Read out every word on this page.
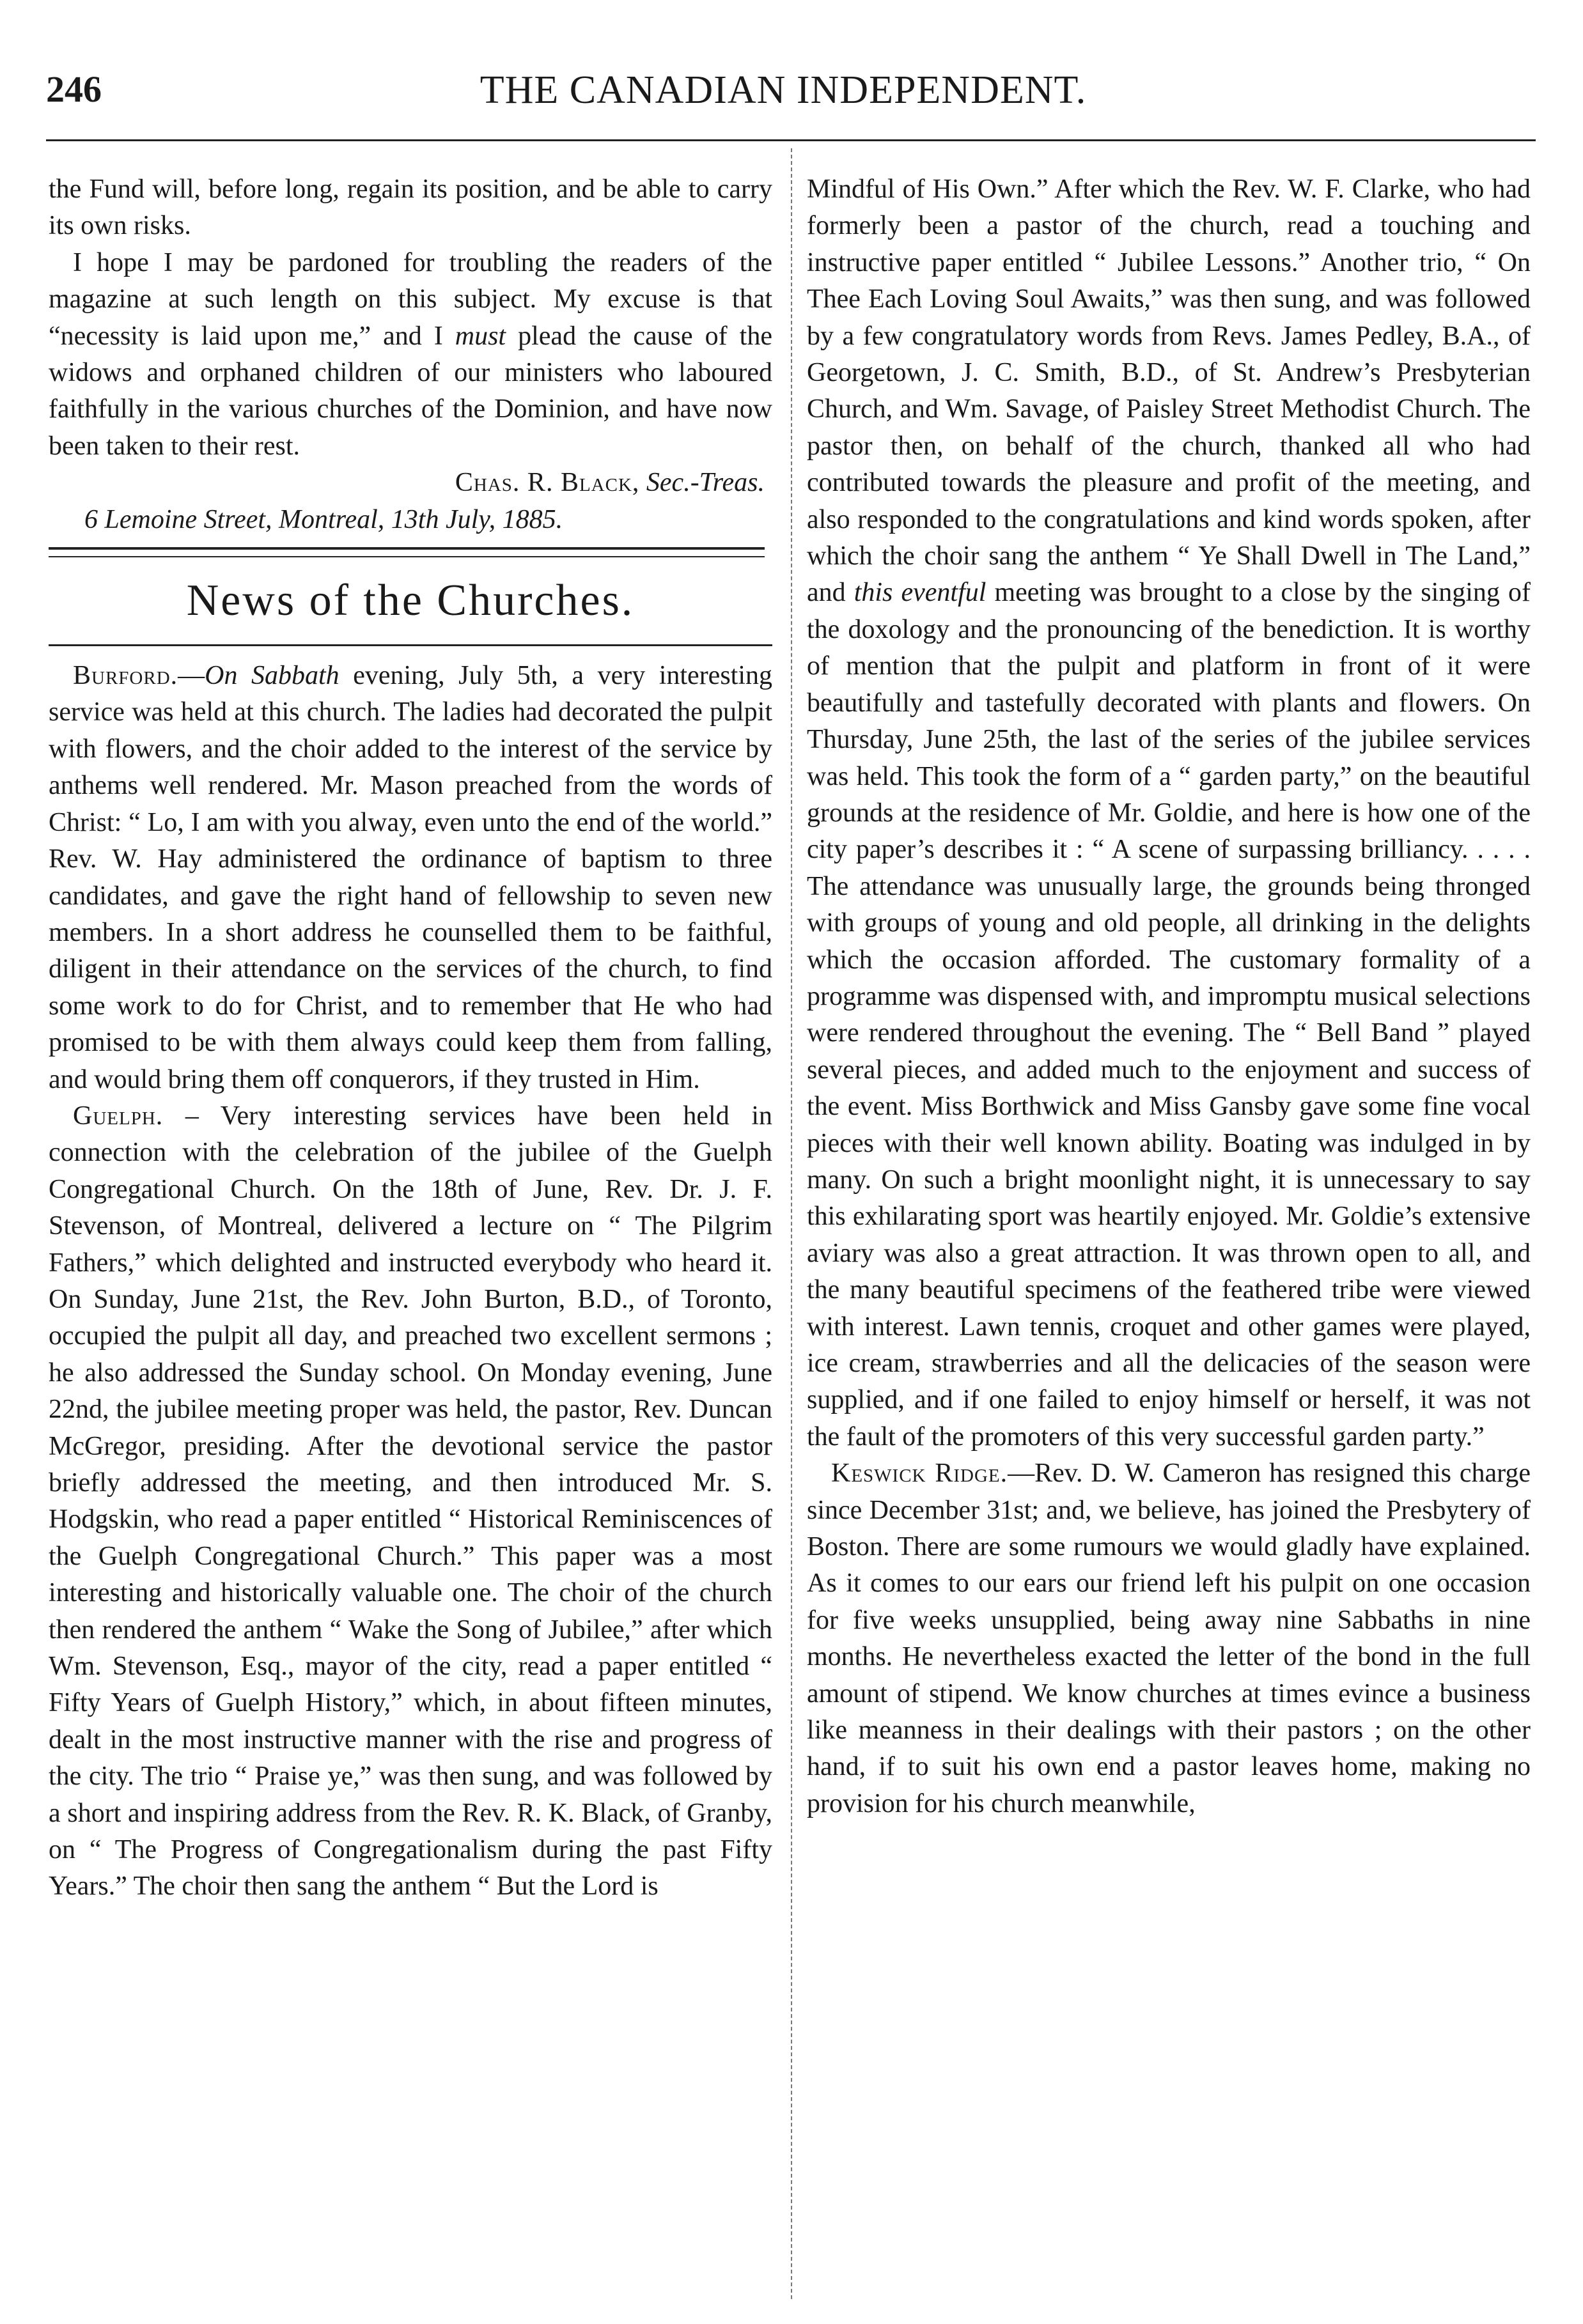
246	THE CANADIAN INDEPENDENT.

the Fund will, before long, regain its position, and be able to carry its own risks.

I hope I may be pardoned for troubling the readers of the magazine at such length on this subject. My excuse is that “necessity is laid upon me,” and I must plead the cause of the widows and orphaned children of our ministers who laboured faithfully in the various churches of the Dominion, and have now been taken to their rest.

Chas. R. Black, Sec.-Treas.
6 Lemoine Street, Montreal, 13th July, 1885.
News of the Churches.

Burford.—On Sabbath evening, July 5th, a very interesting service was held at this church. The ladies had decorated the pulpit with flowers, and the choir added to the interest of the service by anthems well rendered. Mr. Mason preached from the words of Christ: “ Lo, I am with you alway, even unto the end of the world.” Rev. W. Hay administered the ordinance of baptism to three candidates, and gave the right hand of fellowship to seven new members. In a short address he counselled them to be faithful, diligent in their attendance on the services of the church, to find some work to do for Christ, and to remember that He who had promised to be with them always could keep them from falling, and would bring them off conquerors, if they trusted in Him.

Guelph. – Very interesting services have been held in connection with the celebration of the jubilee of the Guelph Congregational Church. On the 18th of June, Rev. Dr. J. F. Stevenson, of Montreal, delivered a lecture on “ The Pilgrim Fathers,” which delighted and instructed everybody who heard it. On Sunday, June 21st, the Rev. John Burton, B.D., of Toronto, occupied the pulpit all day, and preached two excellent sermons ; he also addressed the Sunday school. On Monday evening, June 22nd, the jubilee meeting proper was held, the pastor, Rev. Duncan McGregor, presiding. After the devotional service the pastor briefly addressed the meeting, and then introduced Mr. S. Hodgskin, who read a paper entitled “ Historical Reminiscences of the Guelph Congregational Church.” This paper was a most interesting and historically valuable one. The choir of the church then rendered the anthem “ Wake the Song of Jubilee,” after which Wm. Stevenson, Esq., mayor of the city, read a paper entitled “ Fifty Years of Guelph History,” which, in about fifteen minutes, dealt in the most instructive manner with the rise and progress of the city. The trio “ Praise ye,” was then sung, and was followed by a short and inspiring address from the Rev. R. K. Black, of Granby, on “ The Progress of Congregationalism during the past Fifty Years.” The choir then sang the anthem “ But the Lord is

Mindful of His Own.” After which the Rev. W. F. Clarke, who had formerly been a pastor of the church, read a touching and instructive paper entitled “ Jubilee Lessons.” Another trio, “ On Thee Each Loving Soul Awaits,” was then sung, and was followed by a few congratulatory words from Revs. James Pedley, B.A., of Georgetown, J. C. Smith, B.D., of St. Andrew’s Presbyterian Church, and Wm. Savage, of Paisley Street Methodist Church. The pastor then, on behalf of the church, thanked all who had contributed towards the pleasure and profit of the meeting, and also responded to the congratulations and kind words spoken, after which the choir sang the anthem “ Ye Shall Dwell in The Land,” and this eventful meeting was brought to a close by the singing of the doxology and the pronouncing of the benediction. It is worthy of mention that the pulpit and platform in front of it were beautifully and tastefully decorated with plants and flowers. On Thursday, June 25th, the last of the series of the jubilee services was held. This took the form of a “ garden party,” on the beautiful grounds at the residence of Mr. Goldie, and here is how one of the city paper’s describes it : “ A scene of surpassing brilliancy. . . . . The attendance was unusually large, the grounds being thronged with groups of young and old people, all drinking in the delights which the occasion afforded. The customary formality of a programme was dispensed with, and impromptu musical selections were rendered throughout the evening. The “ Bell Band ” played several pieces, and added much to the enjoyment and success of the event. Miss Borthwick and Miss Gansby gave some fine vocal pieces with their well known ability. Boating was indulged in by many. On such a bright moonlight night, it is unnecessary to say this exhilarating sport was heartily enjoyed. Mr. Goldie’s extensive aviary was also a great attraction. It was thrown open to all, and the many beautiful specimens of the feathered tribe were viewed with interest. Lawn tennis, croquet and other games were played, ice cream, strawberries and all the delicacies of the season were supplied, and if one failed to enjoy himself or herself, it was not the fault of the promoters of this very successful garden party.”

Keswick Ridge.—Rev. D. W. Cameron has resigned this charge since December 31st; and, we believe, has joined the Presbytery of Boston. There are some rumours we would gladly have explained. As it comes to our ears our friend left his pulpit on one occasion for five weeks unsupplied, being away nine Sabbaths in nine months. He nevertheless exacted the letter of the bond in the full amount of stipend. We know churches at times evince a business like meanness in their dealings with their pastors ; on the other hand, if to suit his own end a pastor leaves home, making no provision for his church meanwhile,
